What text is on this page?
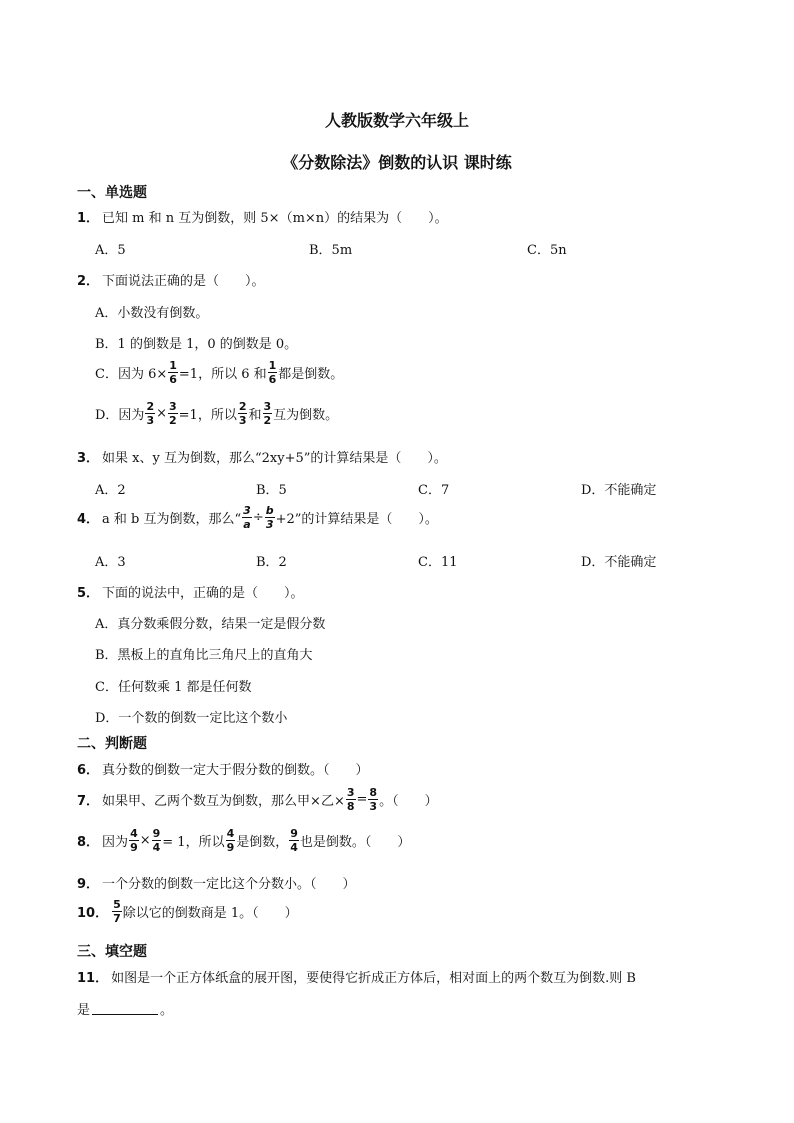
人教版数学六年级上
《分数除法》倒数的认识 课时练
一、单选题
1． 已知 m 和 n 互为倒数，则 5×（m×n）的结果为（　　）。
A．5	B．5m	C．5n
2． 下面说法正确的是（　　）。
A．小数没有倒数。
B．1 的倒数是 1，0 的倒数是 0。
C．因为 $6\times \frac{1}{6} =1$，所以 6 和 $\frac{1}{6}$ 都是倒数。
D．因为 $\frac{2}{3} \times \frac{3}{2} =1$，所以 $\frac{2}{3}$ 和 $\frac{3}{2}$ 互为倒数。
3． 如果 x、y 互为倒数，那么“2xy+5”的计算结果是（　　）。
A．2	B．5	C．7	D．不能确定
4． a 和 b 互为倒数，那么“ $\frac{3}{a} \div \frac{b}{3} +2$”的计算结果是（　　）。
A．3	B．2	C．11	D．不能确定
5． 下面的说法中，正确的是（　　）。
A．真分数乘假分数，结果一定是假分数
B．黑板上的直角比三角尺上的直角大
C．任何数乘 1 都是任何数
D．一个数的倒数一定比这个数小
二、判断题
6． 真分数的倒数一定大于假分数的倒数。（　　）
7． 如果甲、乙两个数互为倒数，那么甲×乙× $\frac{3}{8} = \frac{8}{3}$ 。（　　）
8． 因为 $\frac{4}{9} \times \frac{9}{4} = 1$，所以 $\frac{4}{9}$ 是倒数， $\frac{9}{4}$ 也是倒数。（　　）
9． 一个分数的倒数一定比这个分数小。（　　）
10． $\frac{5}{7}$ 除以它的倒数商是 1。（　　）
三、填空题
11． 如图是一个正方体纸盒的展开图，要使得它折成正方体后，相对面上的两个数互为倒数.则 B
是	。
